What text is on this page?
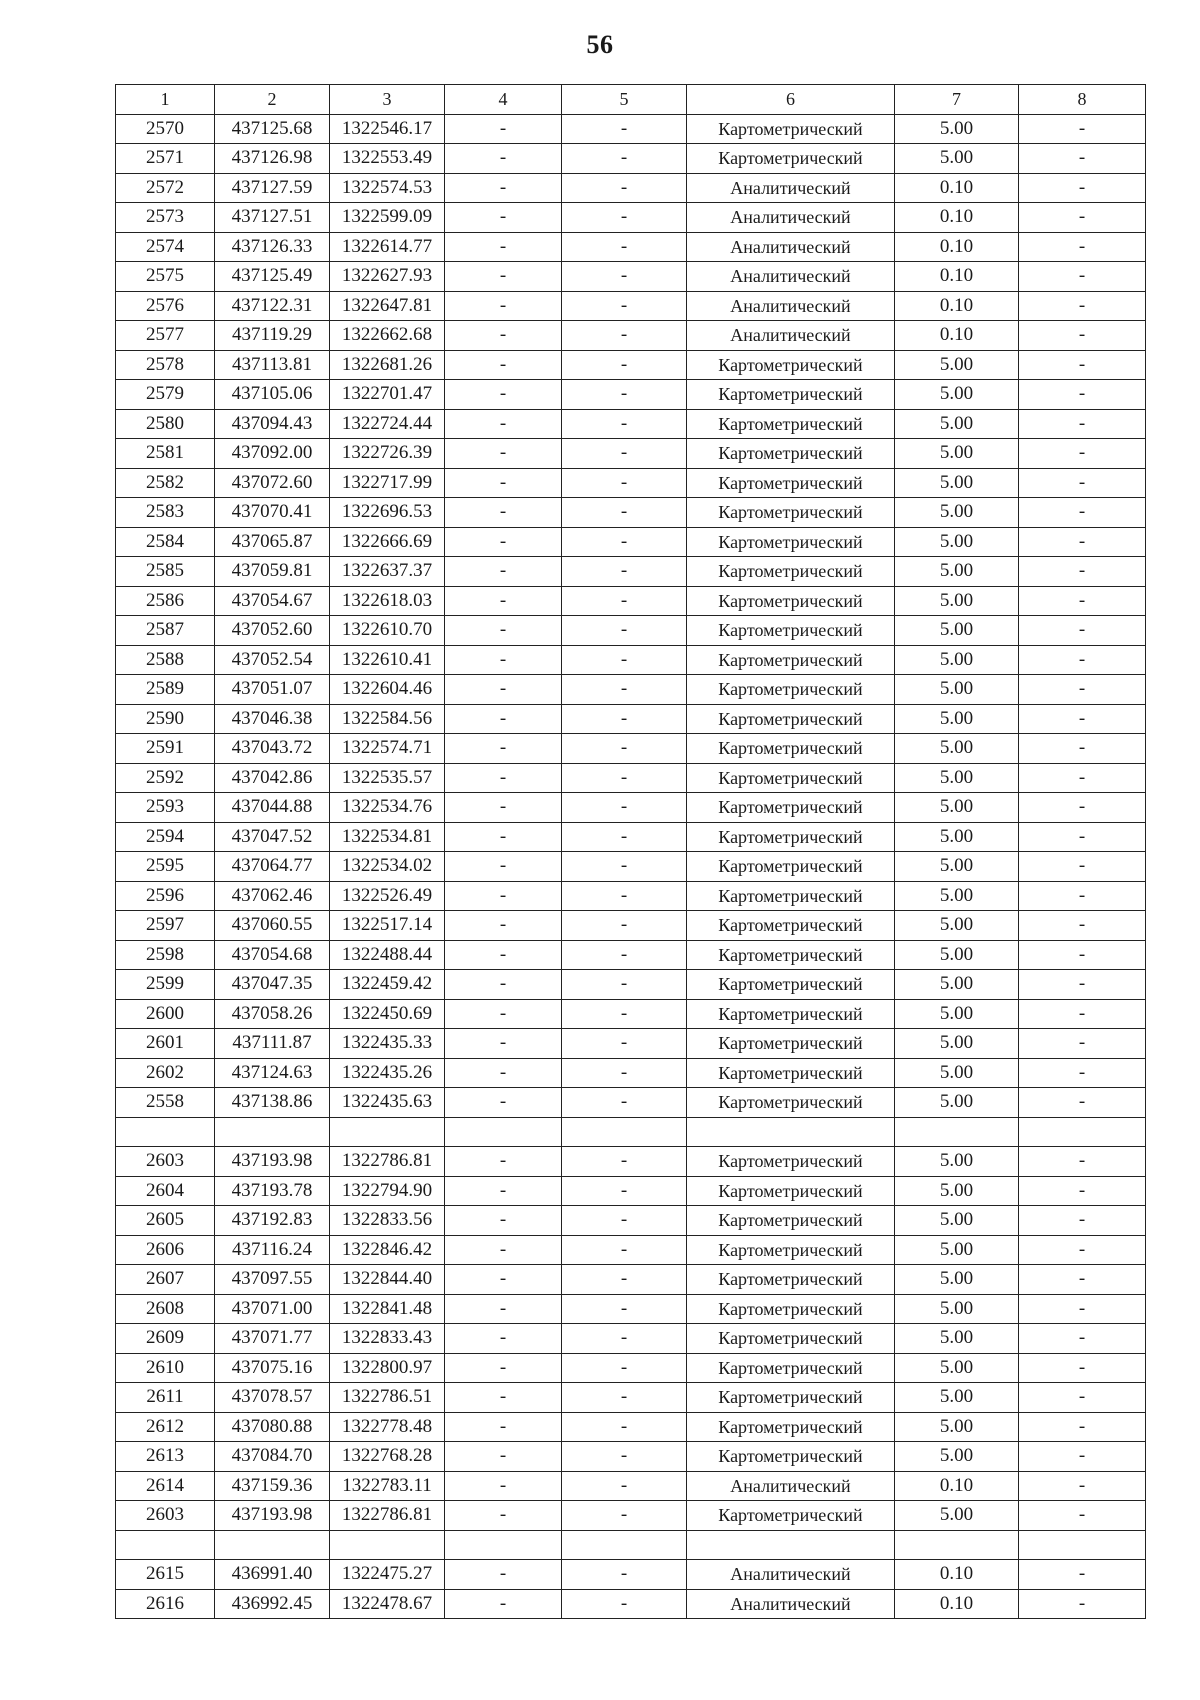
56
1	2	3	4	5	6	7	8
2570	437125.68	1322546.17	-	-	Картометрический	5.00	-
2571	437126.98	1322553.49	-	-	Картометрический	5.00	-
2572	437127.59	1322574.53	-	-	Аналитический	0.10	-
2573	437127.51	1322599.09	-	-	Аналитический	0.10	-
2574	437126.33	1322614.77	-	-	Аналитический	0.10	-
2575	437125.49	1322627.93	-	-	Аналитический	0.10	-
2576	437122.31	1322647.81	-	-	Аналитический	0.10	-
2577	437119.29	1322662.68	-	-	Аналитический	0.10	-
2578	437113.81	1322681.26	-	-	Картометрический	5.00	-
2579	437105.06	1322701.47	-	-	Картометрический	5.00	-
2580	437094.43	1322724.44	-	-	Картометрический	5.00	-
2581	437092.00	1322726.39	-	-	Картометрический	5.00	-
2582	437072.60	1322717.99	-	-	Картометрический	5.00	-
2583	437070.41	1322696.53	-	-	Картометрический	5.00	-
2584	437065.87	1322666.69	-	-	Картометрический	5.00	-
2585	437059.81	1322637.37	-	-	Картометрический	5.00	-
2586	437054.67	1322618.03	-	-	Картометрический	5.00	-
2587	437052.60	1322610.70	-	-	Картометрический	5.00	-
2588	437052.54	1322610.41	-	-	Картометрический	5.00	-
2589	437051.07	1322604.46	-	-	Картометрический	5.00	-
2590	437046.38	1322584.56	-	-	Картометрический	5.00	-
2591	437043.72	1322574.71	-	-	Картометрический	5.00	-
2592	437042.86	1322535.57	-	-	Картометрический	5.00	-
2593	437044.88	1322534.76	-	-	Картометрический	5.00	-
2594	437047.52	1322534.81	-	-	Картометрический	5.00	-
2595	437064.77	1322534.02	-	-	Картометрический	5.00	-
2596	437062.46	1322526.49	-	-	Картометрический	5.00	-
2597	437060.55	1322517.14	-	-	Картометрический	5.00	-
2598	437054.68	1322488.44	-	-	Картометрический	5.00	-
2599	437047.35	1322459.42	-	-	Картометрический	5.00	-
2600	437058.26	1322450.69	-	-	Картометрический	5.00	-
2601	437111.87	1322435.33	-	-	Картометрический	5.00	-
2602	437124.63	1322435.26	-	-	Картометрический	5.00	-
2558	437138.86	1322435.63	-	-	Картометрический	5.00	-

2603	437193.98	1322786.81	-	-	Картометрический	5.00	-
2604	437193.78	1322794.90	-	-	Картометрический	5.00	-
2605	437192.83	1322833.56	-	-	Картометрический	5.00	-
2606	437116.24	1322846.42	-	-	Картометрический	5.00	-
2607	437097.55	1322844.40	-	-	Картометрический	5.00	-
2608	437071.00	1322841.48	-	-	Картометрический	5.00	-
2609	437071.77	1322833.43	-	-	Картометрический	5.00	-
2610	437075.16	1322800.97	-	-	Картометрический	5.00	-
2611	437078.57	1322786.51	-	-	Картометрический	5.00	-
2612	437080.88	1322778.48	-	-	Картометрический	5.00	-
2613	437084.70	1322768.28	-	-	Картометрический	5.00	-
2614	437159.36	1322783.11	-	-	Аналитический	0.10	-
2603	437193.98	1322786.81	-	-	Картометрический	5.00	-

2615	436991.40	1322475.27	-	-	Аналитический	0.10	-
2616	436992.45	1322478.67	-	-	Аналитический	0.10	-
